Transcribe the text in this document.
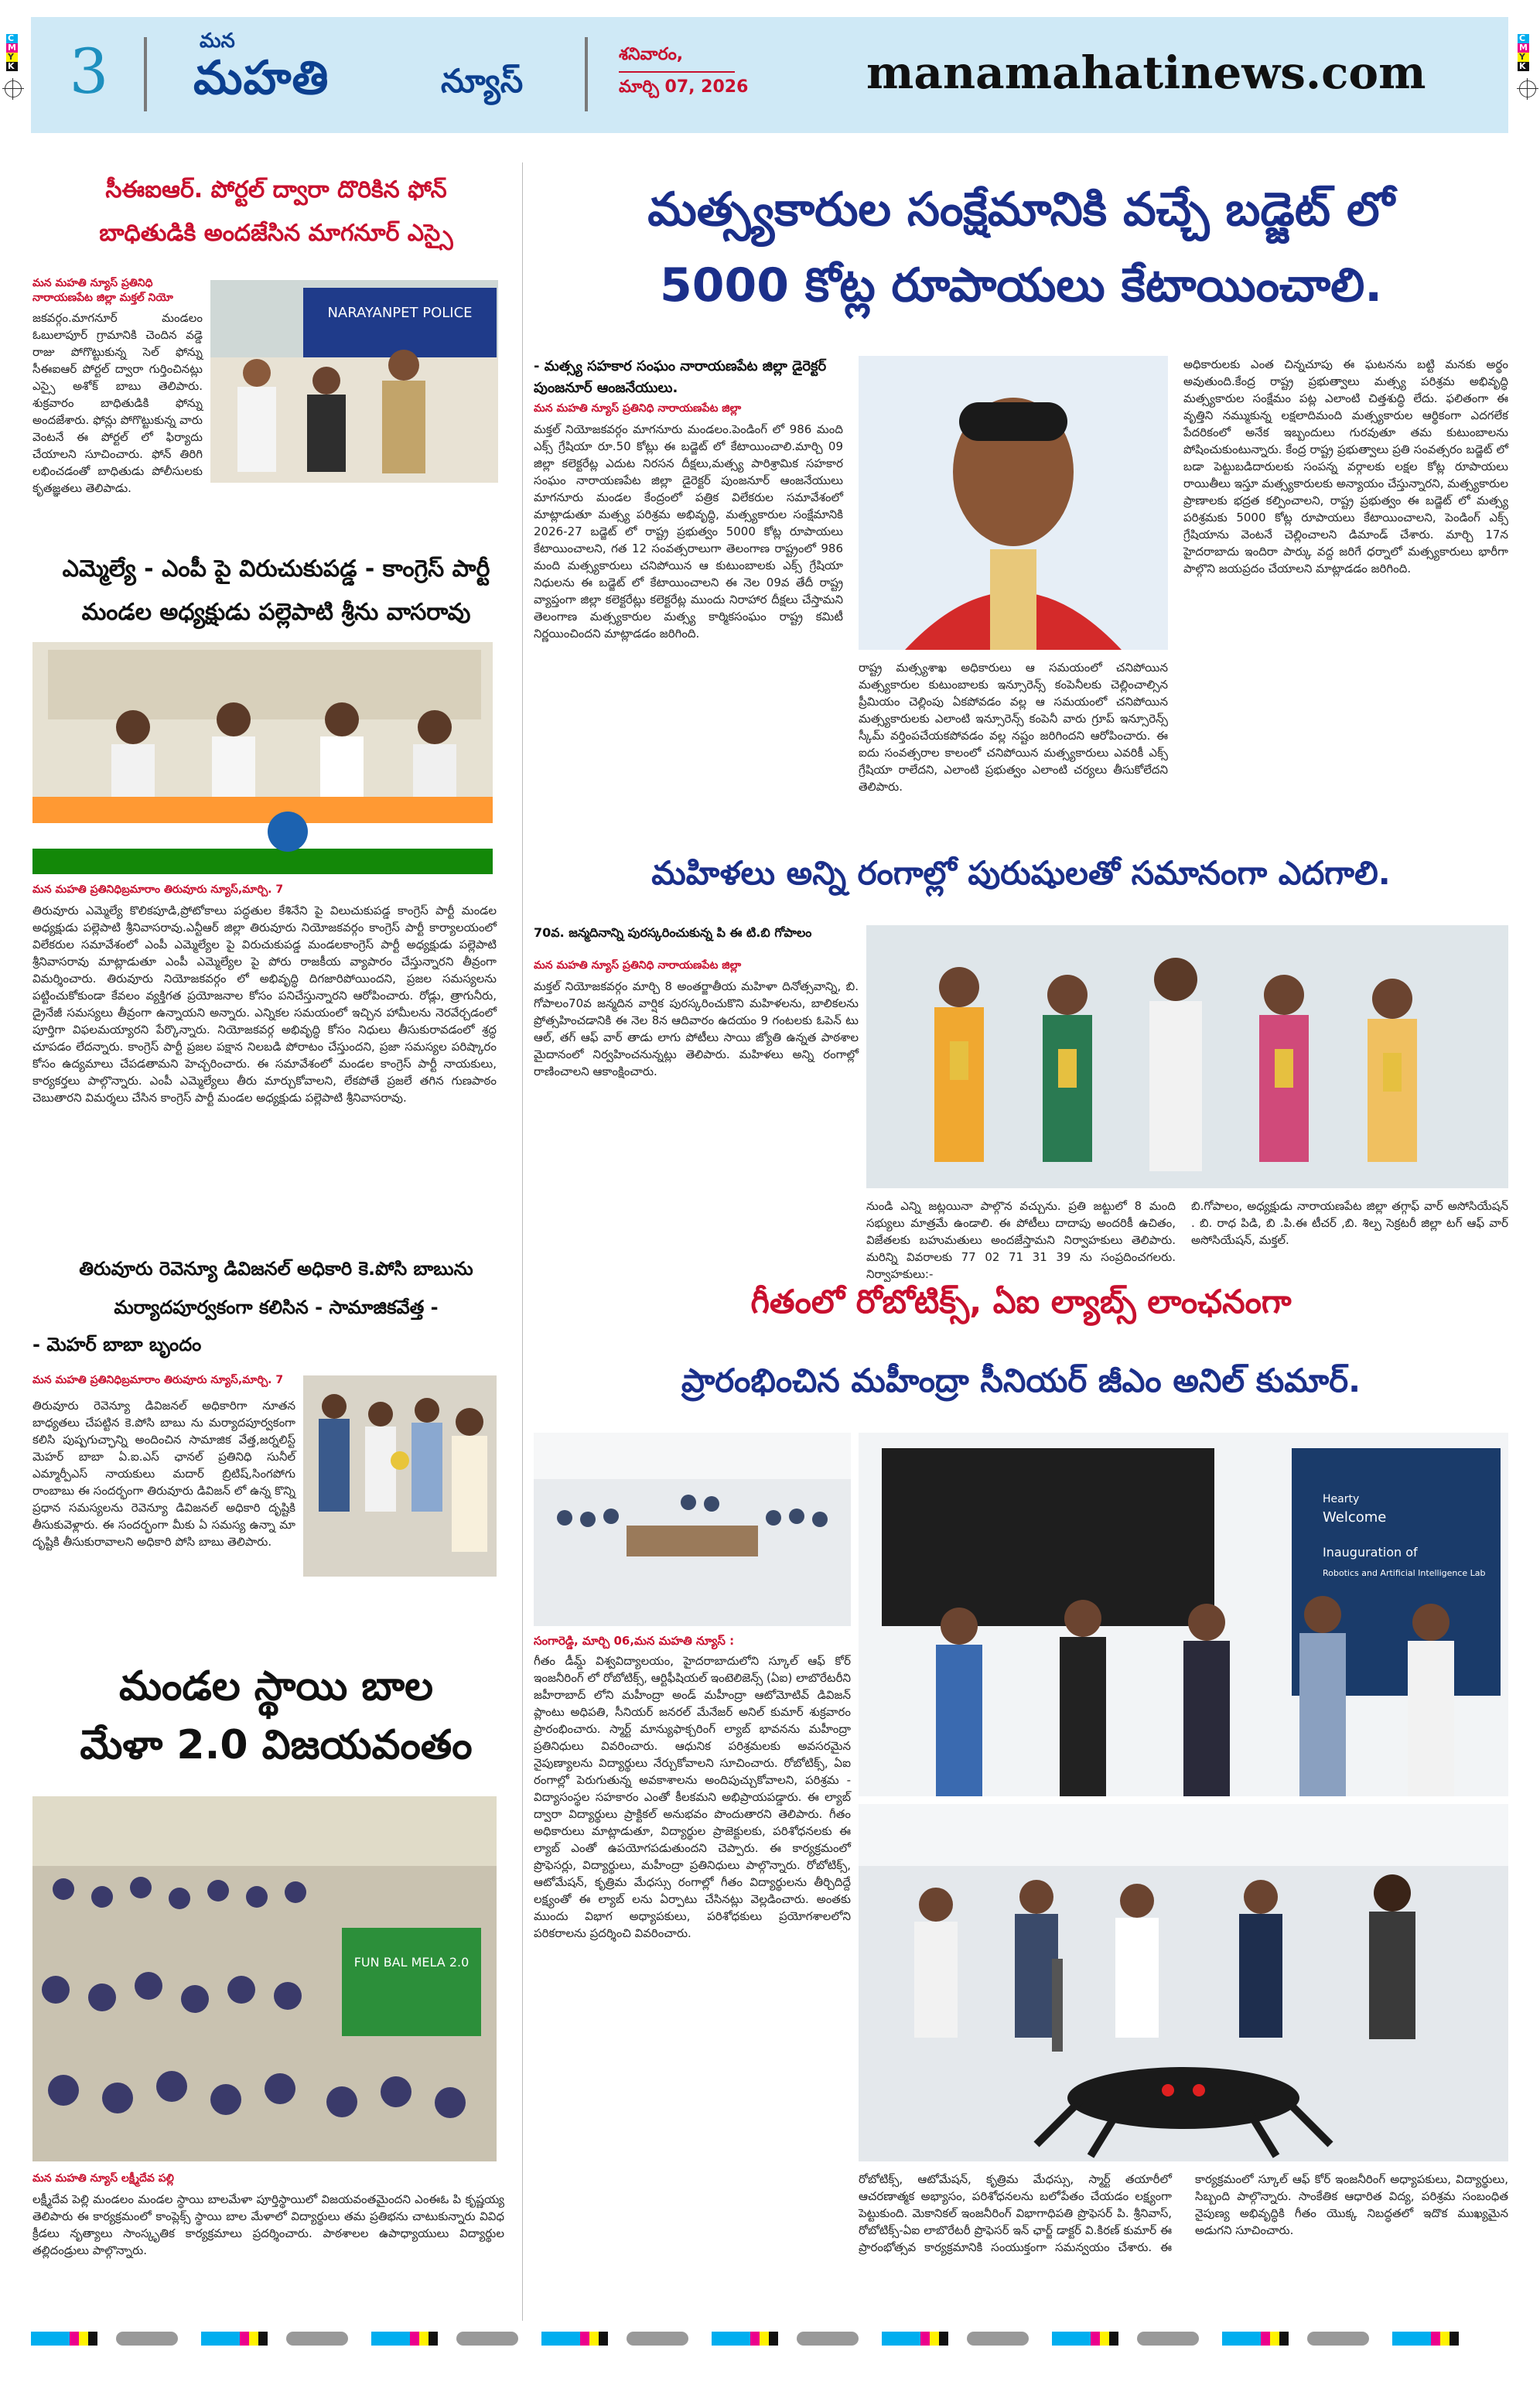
C
M
Y
K
C
M
Y
K
3	మన
మహతి	న్యూస్
శనివారం,
మార్చి 07, 2026	manamahatinews.com
సీఈఐఆర్. పోర్టల్ ద్వారా దొరికిన ఫోన్
బాధితుడికి అందజేసిన మాగనూర్ ఎస్సై
మన మహతి న్యూస్ ప్రతినిధి నారాయణపేట జిల్లా మక్తల్ నియో
జకవర్గం.మాగనూర్ మండలం ఓబులాపూర్ గ్రామానికి చెందిన వడ్డె రాజు పోగొట్టుకున్న సెల్ ఫోన్ను సీఈఐఆర్ పోర్టల్ ద్వారా గుర్తించినట్లు ఎస్సై అశోక్ బాబు తెలిపారు. శుక్రవారం బాధితుడికి ఫోన్ను అందజేశారు. ఫోన్లు పోగొట్టుకున్న వారు వెంటనే ఈ పోర్టల్ లో ఫిర్యాదు చేయాలని సూచించారు. ఫోన్ తిరిగి లభించడంతో బాధితుడు పోలీసులకు కృతజ్ఞతలు తెలిపాడు.
NARAYANPET POLICE
ఎమ్మెల్యే - ఎంపీ పై విరుచుకుపడ్డ - కాంగ్రెస్ పార్టీ
మండల అధ్యక్షుడు పల్లెపాటి శ్రీను వాసరావు
మన మహతి ప్రతినిధిబ్రమారాం తిరువూరు న్యూస్,మార్చి. 7
తిరువూరు ఎమ్మెల్యే కొలికపూడి,ప్రోటోకాలు పద్ధతుల కేశినేని పై విలుచుకుపడ్డ కాంగ్రెస్ పార్టీ మండల అధ్యక్షుడు పల్లెపాటి శ్రీనివాసరావు.ఎన్టీఆర్ జిల్లా తిరువూరు నియోజకవర్గం కాంగ్రెస్ పార్టీ కార్యాలయంలో విలేకరుల సమావేశంలో ఎంపీ ఎమ్మెల్యేల పై విరుచుకుపడ్డ మండలకాంగ్రెస్ పార్టీ అధ్యక్షుడు పల్లెపాటి శ్రీనివాసరావు మాట్లాడుతూ ఎంపీ ఎమ్మెల్యేల పై పోరు రాజకీయ వ్యాపారం చేస్తున్నారని తీవ్రంగా విమర్శించారు. తిరువూరు నియోజకవర్గం లో అభివృద్ధి దిగజారిపోయిందని, ప్రజల సమస్యలను పట్టించుకోకుండా కేవలం వ్యక్తిగత ప్రయోజనాల కోసం పనిచేస్తున్నారని ఆరోపించారు. రోడ్లు, త్రాగునీరు, డ్రైనేజీ సమస్యలు తీవ్రంగా ఉన్నాయని అన్నారు. ఎన్నికల సమయంలో ఇచ్చిన హామీలను నెరవేర్చడంలో పూర్తిగా విఫలమయ్యారని పేర్కొన్నారు. నియోజకవర్గ అభివృద్ధి కోసం నిధులు తీసుకురావడంలో శ్రద్ధ చూపడం లేదన్నారు. కాంగ్రెస్ పార్టీ ప్రజల పక్షాన నిలబడి పోరాటం చేస్తుందని, ప్రజా సమస్యల పరిష్కారం కోసం ఉద్యమాలు చేపడతామని హెచ్చరించారు. ఈ సమావేశంలో మండల కాంగ్రెస్ పార్టీ నాయకులు, కార్యకర్తలు పాల్గొన్నారు. ఎంపీ ఎమ్మెల్యేలు తీరు మార్చుకోవాలని, లేకపోతే ప్రజలే తగిన గుణపాఠం చెబుతారని విమర్శలు చేసిన కాంగ్రెస్ పార్టీ మండల అధ్యక్షుడు పల్లెపాటి శ్రీనివాసరావు.
తిరువూరు రెవెన్యూ డివిజనల్ అధికారి కె.పోసి బాబును
మర్యాదపూర్వకంగా కలిసిన - సామాజికవేత్త -
- మెహర్ బాబా బృందం
మన మహతి ప్రతినిధిబ్రమారాం తిరువూరు న్యూస్,మార్చి. 7
తిరువూరు రెవెన్యూ డివిజనల్ అధికారిగా నూతన బాధ్యతలు చేపట్టిన కె.పోసి బాబు ను మర్యాదపూర్వకంగా కలిసి పుష్పగుచ్ఛాన్ని అందించిన సామాజిక వేత్త,జర్నలిస్ట్ మెహర్ బాబా ఏ.ఐ.ఎస్ ఛానల్ ప్రతినిధి సునీల్ ఎమ్మార్పీఎస్ నాయకులు మదార్ బ్రిటిష్,సింగపోగు రాంబాబు ఈ సందర్భంగా తిరువూరు డివిజన్ లో ఉన్న కొన్ని ప్రధాన సమస్యలను రెవెన్యూ డివిజనల్ అధికారి దృష్టికి తీసుకువెళ్లారు. ఈ సందర్భంగా మీకు ఏ సమస్య ఉన్నా మా దృష్టికి తీసుకురావాలని అధికారి పోసి బాబు తెలిపారు.
మండల స్థాయి బాల
మేళా 2.0 విజయవంతం
FUN BAL MELA 2.0
మన మహతి న్యూస్ లక్ష్మీదేవ పల్లి
లక్ష్మీదేవ పెల్లి మండలం మండల స్థాయి బాలమేళా పూర్తిస్థాయిలో విజయవంతమైందని ఎంఈఓ పి కృష్ణయ్య తెలిపారు ఈ కార్యక్రమంలో కాంప్లెక్స్ స్థాయి బాల మేళాలో విద్యార్థులు తమ ప్రతిభను చాటుకున్నారు వివిధ క్రీడలు నృత్యాలు సాంస్కృతిక కార్యక్రమాలు ప్రదర్శించారు. పాఠశాలల ఉపాధ్యాయులు విద్యార్థుల తల్లిదండ్రులు పాల్గొన్నారు.
మత్స్యకారుల సంక్షేమానికి వచ్చే బడ్జెట్ లో
5000 కోట్ల రూపాయలు కేటాయించాలి.
- మత్స్య సహకార సంఘం నారాయణపేట జిల్లా డైరెక్టర్ పుంజనూర్ ఆంజనేయులు.
మన మహతి న్యూస్ ప్రతినిధి నారాయణపేట జిల్లా
మక్తల్ నియోజకవర్గం మాగనూరు మండలం.పెండింగ్ లో 986 మంది ఎక్స్ గ్రేషియా రూ.50 కోట్లు ఈ బడ్జెట్ లో కేటాయించాలి.మార్చి 09 జిల్లా కలెక్టరేట్ల ఎదుట నిరసన దీక్షలు,మత్స్య పారిశ్రామిక సహకార సంఘం నారాయణపేట జిల్లా డైరెక్టర్ పుంజనూర్ ఆంజనేయులు మాగనూరు మండల కేంద్రంలో పత్రిక విలేకరుల సమావేశంలో మాట్లాడుతూ మత్స్య పరిశ్రమ అభివృద్ధి, మత్స్యకారుల సంక్షేమానికి 2026-27 బడ్జెట్ లో రాష్ట్ర ప్రభుత్వం 5000 కోట్ల రూపాయలు కేటాయించాలని, గత 12 సంవత్సరాలుగా తెలంగాణ రాష్ట్రంలో 986 మంది మత్స్యకారులు చనిపోయిన ఆ కుటుంబాలకు ఎక్స్ గ్రేషియా నిధులను ఈ బడ్జెట్ లో కేటాయించాలని ఈ నెల 09వ తేదీ రాష్ట్ర వ్యాప్తంగా జిల్లా కలెక్టరేట్లు కలెక్టరేట్ల ముందు నిరాహార దీక్షలు చేస్తామని తెలంగాణ మత్స్యకారుల మత్స్య కార్మికసంఘం రాష్ట్ర కమిటీ నిర్ణయించిందని మాట్లాడడం జరిగింది.
రాష్ట్ర మత్స్యశాఖ అధికారులు ఆ సమయంలో చనిపోయిన మత్స్యకారుల కుటుంబాలకు ఇన్సూరెన్స్ కంపెనీలకు చెల్లించాల్సిన ప్రీమియం చెల్లింపు ఏకపోవడం వల్ల ఆ సమయంలో చనిపోయిన మత్స్యకారులకు ఎలాంటి ఇన్సూరెన్స్ కంపెనీ వారు గ్రూప్ ఇన్సూరెన్స్ స్కీమ్ వర్తింపచేయకపోవడం వల్ల నష్టం జరిగిందని ఆరోపించారు. ఈ ఐదు సంవత్సరాల కాలంలో చనిపోయిన మత్స్యకారులు ఎవరికీ ఎక్స్ గ్రేషియా రాలేదని, ఎలాంటి ప్రభుత్వం ఎలాంటి చర్యలు తీసుకోలేదని తెలిపారు.
అధికారులకు ఎంత చిన్నచూపు ఈ ఘటనను బట్టి మనకు అర్థం అవుతుంది.కేంద్ర రాష్ట్ర ప్రభుత్వాలు మత్స్య పరిశ్రమ అభివృద్ధి మత్స్యకారుల సంక్షేమం పట్ల ఎలాంటి చిత్తశుద్ధి లేదు. ఫలితంగా ఈ వృత్తిని నమ్ముకున్న లక్షలాదిమంది మత్స్యకారుల ఆర్థికంగా ఎదగలేక పేదరికంలో అనేక ఇబ్బందులు గురవుతూ తమ కుటుంబాలను పోషించుకుంటున్నారు. కేంద్ర రాష్ట్ర ప్రభుత్వాలు ప్రతి సంవత్సరం బడ్జెట్ లో బడా పెట్టుబడిదారులకు సంపన్న వర్గాలకు లక్షల కోట్ల రూపాయలు రాయితీలు ఇస్తూ మత్స్యకారులకు అన్యాయం చేస్తున్నారని, మత్స్యకారుల ప్రాణాలకు భద్రత కల్పించాలని, రాష్ట్ర ప్రభుత్వం ఈ బడ్జెట్ లో మత్స్య పరిశ్రమకు 5000 కోట్ల రూపాయలు కేటాయించాలని, పెండింగ్ ఎక్స్ గ్రేషియాను వెంటనే చెల్లించాలని డిమాండ్ చేశారు. మార్చి 17న హైదరాబాదు ఇందిరా పార్కు వద్ద జరిగే ధర్నాలో మత్స్యకారులు భారీగా పాల్గొని జయప్రదం చేయాలని మాట్లాడడం జరిగింది.
మహిళలు అన్ని రంగాల్లో పురుషులతో సమానంగా ఎదగాలి.
70వ. జన్మదినాన్ని పురస్కరించుకున్న పి ఈ టి.బి గోపాలం
మన మహతి న్యూస్ ప్రతినిధి నారాయణపేట జిల్లా
మక్తల్ నియోజకవర్గం మార్చి 8 అంతర్జాతీయ మహిళా దినోత్సవాన్ని, బి. గోపాలం70వ జన్మదిన వార్షిక పురస్కరించుకొని మహిళలను, బాలికలను ప్రోత్సహించడానికి ఈ నెల 8న ఆదివారం ఉదయం 9 గంటలకు ఓపెన్ టు ఆల్, తగ్ ఆఫ్ వార్ తాడు లాగు పోటీలు సాయి జ్యోతి ఉన్నత పాఠశాల మైదానంలో నిర్వహించనున్నట్లు తెలిపారు. మహిళలు అన్ని రంగాల్లో రాణించాలని ఆకాంక్షించారు.
నుండి ఎన్ని జట్లయినా పాల్గొన వచ్చును. ప్రతి జట్టులో 8 మంది సభ్యులు మాత్రమే ఉండాలి. ఈ పోటీలు దాదాపు అందరికీ ఉచితం, విజేతలకు బహుమతులు అందజేస్తామని నిర్వాహకులు తెలిపారు. మరిన్ని వివరాలకు 77 02 71 31 39 ను సంప్రదించగలరు. నిర్వాహకులు:-
బి.గోపాలం, అధ్యక్షుడు నారాయణపేట జిల్లా తగ్గాఫ్ వార్ అసోసియేషన్ . బి. రాధ పిడి, బి .పి.ఈ టీచర్ ,బి. శిల్ప సెక్రటరీ జిల్లా టగ్ ఆఫ్ వార్ అసోసియేషన్, మక్తల్.
గీతంలో రోబోటిక్స్, ఏఐ ల్యాబ్స్ లాంఛనంగా
ప్రారంభించిన మహీంద్రా సీనియర్ జీఎం అనిల్ కుమార్.
సంగారెడ్డి, మార్చి 06,మన మహతి న్యూస్ :
గీతం డీమ్డ్ విశ్వవిద్యాలయం, హైదరాబాదులోని స్కూల్ ఆఫ్ కోర్ ఇంజనీరింగ్ లో రోబోటిక్స్, ఆర్టిఫీషియల్ ఇంటెలిజెన్స్ (ఏఐ) లాబొరేటరీని జహీరాబాద్ లోని మహీంద్రా అండ్ మహీంద్రా ఆటోమోటివ్ డివిజన్ ప్లాంటు అధిపతి, సీనియర్ జనరల్ మేనేజర్ అనిల్ కుమార్ శుక్రవారం ప్రారంభించారు. స్మార్ట్ మాన్యుఫాక్చరింగ్ ల్యాబ్ భావనను మహీంద్రా ప్రతినిధులు వివరించారు. ఆధునిక పరిశ్రమలకు అవసరమైన నైపుణ్యాలను విద్యార్థులు నేర్చుకోవాలని సూచించారు. రోబోటిక్స్, ఏఐ రంగాల్లో పెరుగుతున్న అవకాశాలను అందిపుచ్చుకోవాలని, పరిశ్రమ - విద్యాసంస్థల సహకారం ఎంతో కీలకమని అభిప్రాయపడ్డారు. ఈ ల్యాబ్ ద్వారా విద్యార్థులు ప్రాక్టికల్ అనుభవం పొందుతారని తెలిపారు. గీతం అధికారులు మాట్లాడుతూ, విద్యార్థుల ప్రాజెక్టులకు, పరిశోధనలకు ఈ ల్యాబ్ ఎంతో ఉపయోగపడుతుందని చెప్పారు. ఈ కార్యక్రమంలో ప్రొఫెసర్లు, విద్యార్థులు, మహీంద్రా ప్రతినిధులు పాల్గొన్నారు. రోబోటిక్స్, ఆటోమేషన్, కృత్రిమ మేధస్సు రంగాల్లో గీతం విద్యార్థులను తీర్చిదిద్దే లక్ష్యంతో ఈ ల్యాబ్ లను ఏర్పాటు చేసినట్లు వెల్లడించారు. అంతకు ముందు విభాగ అధ్యాపకులు, పరిశోధకులు ప్రయోగశాలలోని పరికరాలను ప్రదర్శించి వివరించారు.
Hearty
Welcome
Inauguration of
Robotics and Artificial Intelligence Lab
రోబోటిక్స్, ఆటోమేషన్, కృత్రిమ మేధస్సు, స్మార్ట్ తయారీలో ఆచరణాత్మక అభ్యాసం, పరిశోధనలను బలోపేతం చేయడం లక్ష్యంగా పెట్టుకుంది. మెకానికల్ ఇంజనీరింగ్ విభాగాధిపతి ప్రొఫెసర్ పి. శ్రీనివాస్, రోబోటిక్స్-ఏఐ లాబొరేటరీ ప్రొఫెసర్ ఇన్ ఛార్జ్ డాక్టర్ వి.కిరణ్ కుమార్ ఈ ప్రారంభోత్సవ కార్యక్రమానికి సంయుక్తంగా సమన్వయం చేశారు. ఈ కార్యక్రమంలో స్కూల్ ఆఫ్ కోర్ ఇంజనీరింగ్ అధ్యాపకులు, విద్యార్థులు, సిబ్బంది పాల్గొన్నారు. సాంకేతిక ఆధారిత విద్య, పరిశ్రమ సంబంధిత నైపుణ్య అభివృద్ధికి గీతం యొక్క నిబద్ధతలో ఇదొక ముఖ్యమైన అడుగని సూచించారు.
